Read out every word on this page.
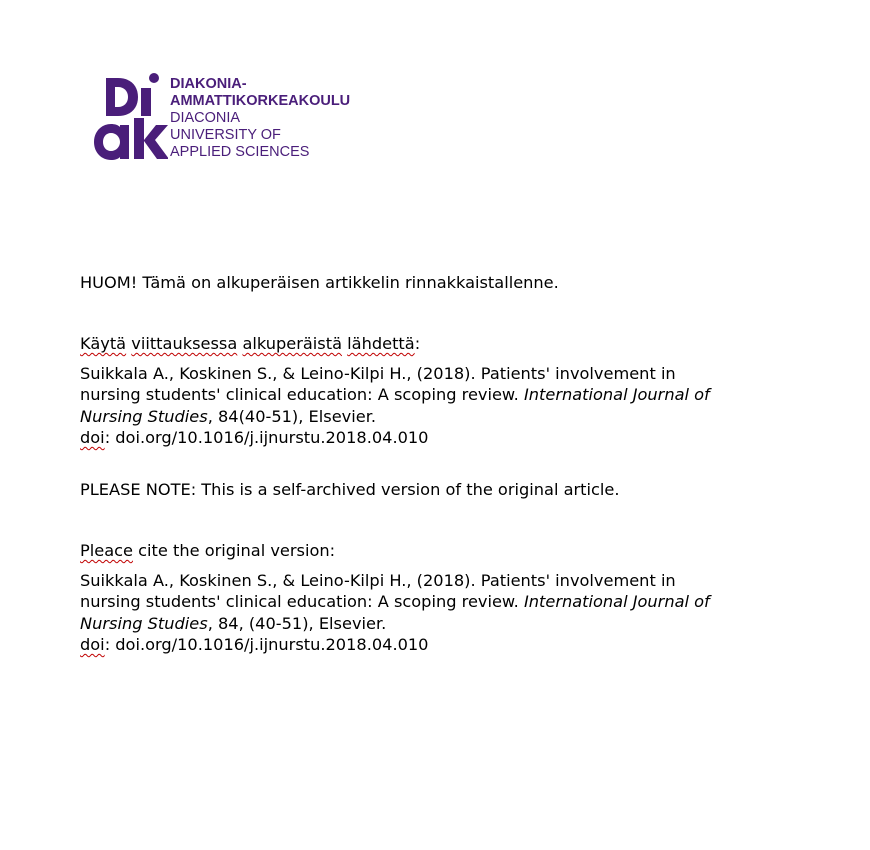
DIAKONIA-
AMMATTIKORKEAKOULU
DIACONIA
UNIVERSITY OF
APPLIED SCIENCES
HUOM! Tämä on alkuperäisen artikkelin rinnakkaistallenne.
Käytä viittauksessa alkuperäistä lähdettä:
Suikkala A., Koskinen S., & Leino-Kilpi H., (2018). Patients' involvement in
nursing students' clinical education: A scoping review. International Journal of
Nursing Studies, 84(40-51), Elsevier.
doi: doi.org/10.1016/j.ijnurstu.2018.04.010
PLEASE NOTE: This is a self-archived version of the original article.
Pleace cite the original version:
Suikkala A., Koskinen S., & Leino-Kilpi H., (2018). Patients' involvement in
nursing students' clinical education: A scoping review. International Journal of
Nursing Studies, 84, (40-51), Elsevier.
doi: doi.org/10.1016/j.ijnurstu.2018.04.010
